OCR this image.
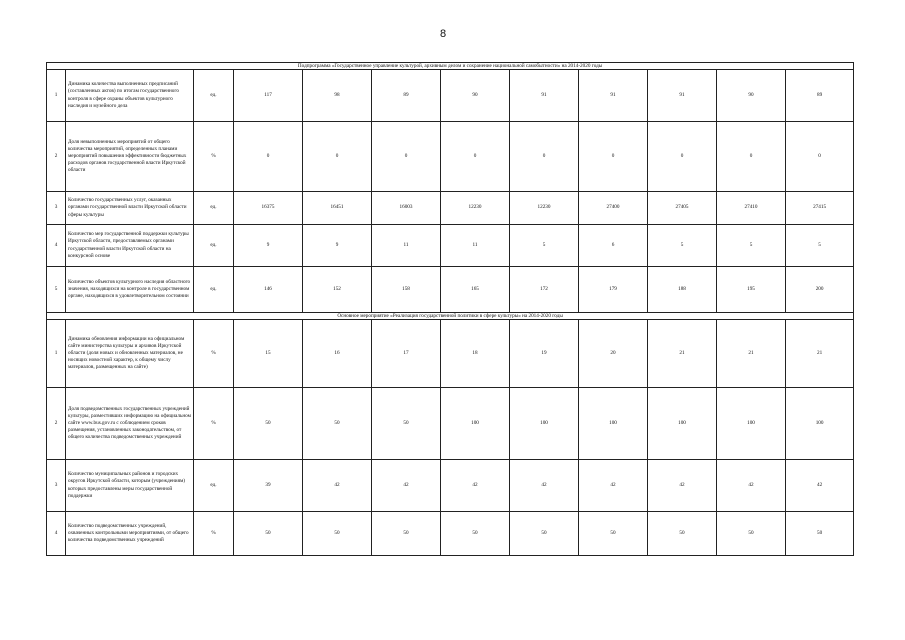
8
Подпрограмма «Государственное управление культурой, архивным делом и сохранение национальной самобытности» на 2014-2020 годы											
1	Динамика количества выполненных предписаний (составленных актов) по итогам государственного контроля в сфере охраны объектов культурного наследия и музейного дела	ед.	117	98	89	90	91	91	91	90	89
2	Доля невыполненных мероприятий от общего количества мероприятий, определенных планами мероприятий повышения эффективности бюджетных расходов органов государственной власти Иркутской области	%	0	0	0	0	0	0	0	0	0
3	Количество государственных услуг, оказанных органами государственной власти Иркутской области сферы культуры	ед.	16375	16451	16003	12230	12230	27400	27405	27410	27415
4	Количество мер государственной поддержки культуры Иркутской области, предоставляемых органами государственной власти Иркутской области на конкурсной основе	ед.	9	9	11	11	5	6	5	5	5
5	Количество объектов культурного наследия областного значения, находящихся на контроле в государственном органе, находящихся в удовлетворительном состоянии	ед.	146	152	158	165	172	179	188	195	200
Основное мероприятие «Реализация государственной политики в сфере культуры» на 2014-2020 годы											
1	Динамика обновления информации на официальном сайте министерства культуры и архивов Иркутской области (доля новых и обновленных материалов, не носящих новостной характер, к общему числу материалов, размещенных на сайте)	%	15	16	17	18	19	20	21	21	21
2	Доля подведомственных государственных учреждений культуры, разместивших информацию на официальном сайте www.bus.gov.ru с соблюдением сроков размещения, установленных законодательством, от общего количества подведомственных учреждений	%	50	50	50	100	100	100	100	100	100
3	Количество муниципальных районов и городских округов Иркутской области, которым (учреждениям) которых предоставлены меры государственной поддержки	ед.	39	42	42	42	42	42	42	42	42
4	Количество подведомственных учреждений, охваченных контрольными мероприятиями, от общего количества подведомственных учреждений	%	50	50	50	50	50	50	50	50	50
